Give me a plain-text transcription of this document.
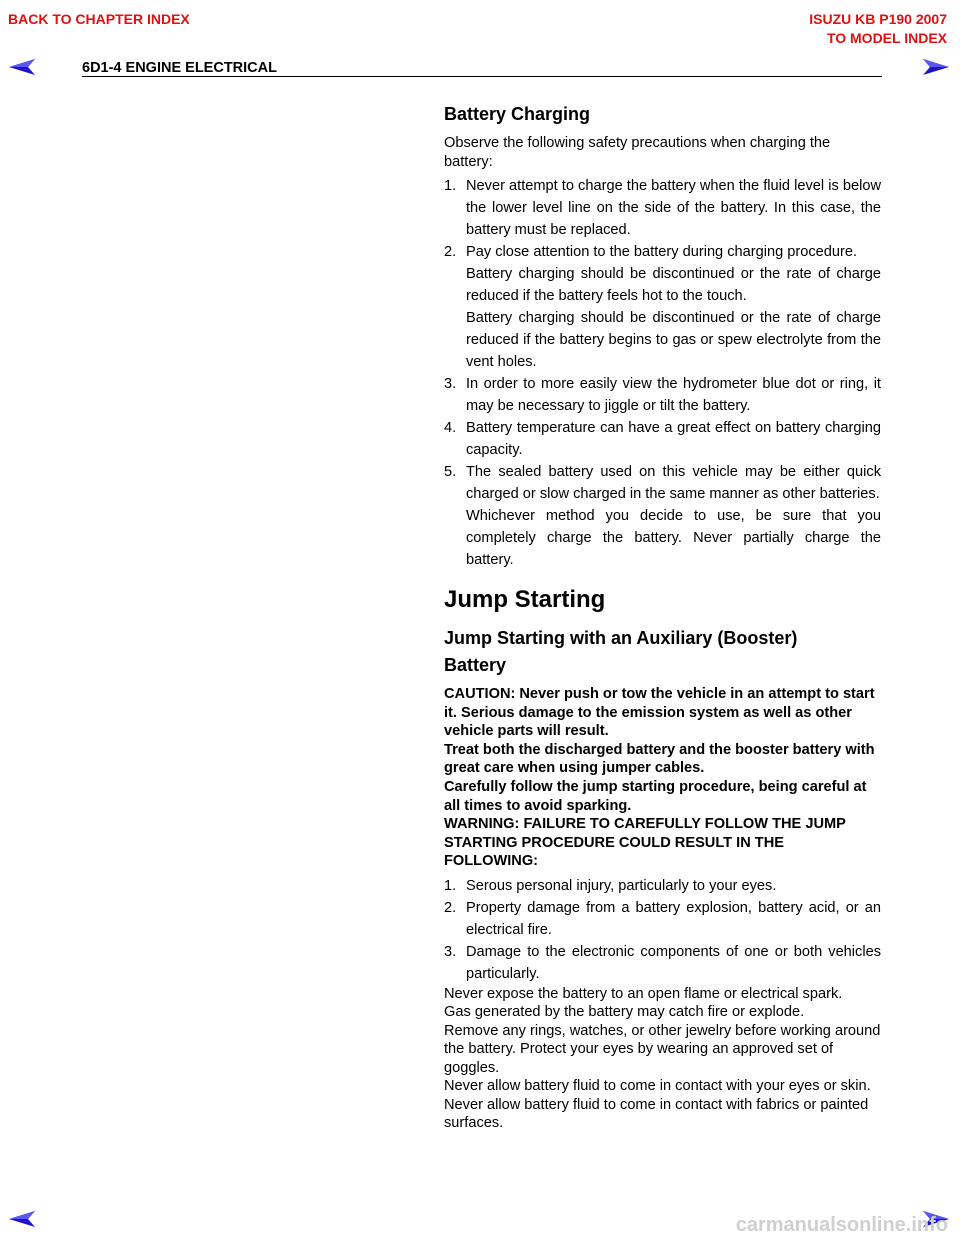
BACK TO CHAPTER INDEX	ISUZU KB P190 2007
TO MODEL INDEX
6D1-4 ENGINE ELECTRICAL
Battery Charging

Observe the following safety precautions when charging the battery:

1. Never attempt to charge the battery when the fluid level is below the lower level line on the side of the battery. In this case, the battery must be replaced.
2. Pay close attention to the battery during charging procedure.
Battery charging should be discontinued or the rate of charge reduced if the battery feels hot to the touch.
Battery charging should be discontinued or the rate of charge reduced if the battery begins to gas or spew electrolyte from the vent holes.
3. In order to more easily view the hydrometer blue dot or ring, it may be necessary to jiggle or tilt the battery.
4. Battery temperature can have a great effect on battery charging capacity.
5. The sealed battery used on this vehicle may be either quick charged or slow charged in the same manner as other batteries.
Whichever method you decide to use, be sure that you completely charge the battery. Never partially charge the battery.
Jump Starting
Jump Starting with an Auxiliary (Booster)
Battery

CAUTION: Never push or tow the vehicle in an attempt to start it. Serious damage to the emission system as well as other vehicle parts will result.

Treat both the discharged battery and the booster battery with great care when using jumper cables.

Carefully follow the jump starting procedure, being careful at all times to avoid sparking.

WARNING: FAILURE TO CAREFULLY FOLLOW THE JUMP STARTING PROCEDURE COULD RESULT IN THE FOLLOWING:

1. Serous personal injury, particularly to your eyes.
2. Property damage from a battery explosion, battery acid, or an electrical fire.
3. Damage to the electronic components of one or both vehicles particularly.

Never expose the battery to an open flame or electrical spark.

Gas generated by the battery may catch fire or explode.

Remove any rings, watches, or other jewelry before working around the battery. Protect your eyes by wearing an approved set of goggles.

Never allow battery fluid to come in contact with your eyes or skin.

Never allow battery fluid to come in contact with fabrics or painted surfaces.

carmanualsonline.info
